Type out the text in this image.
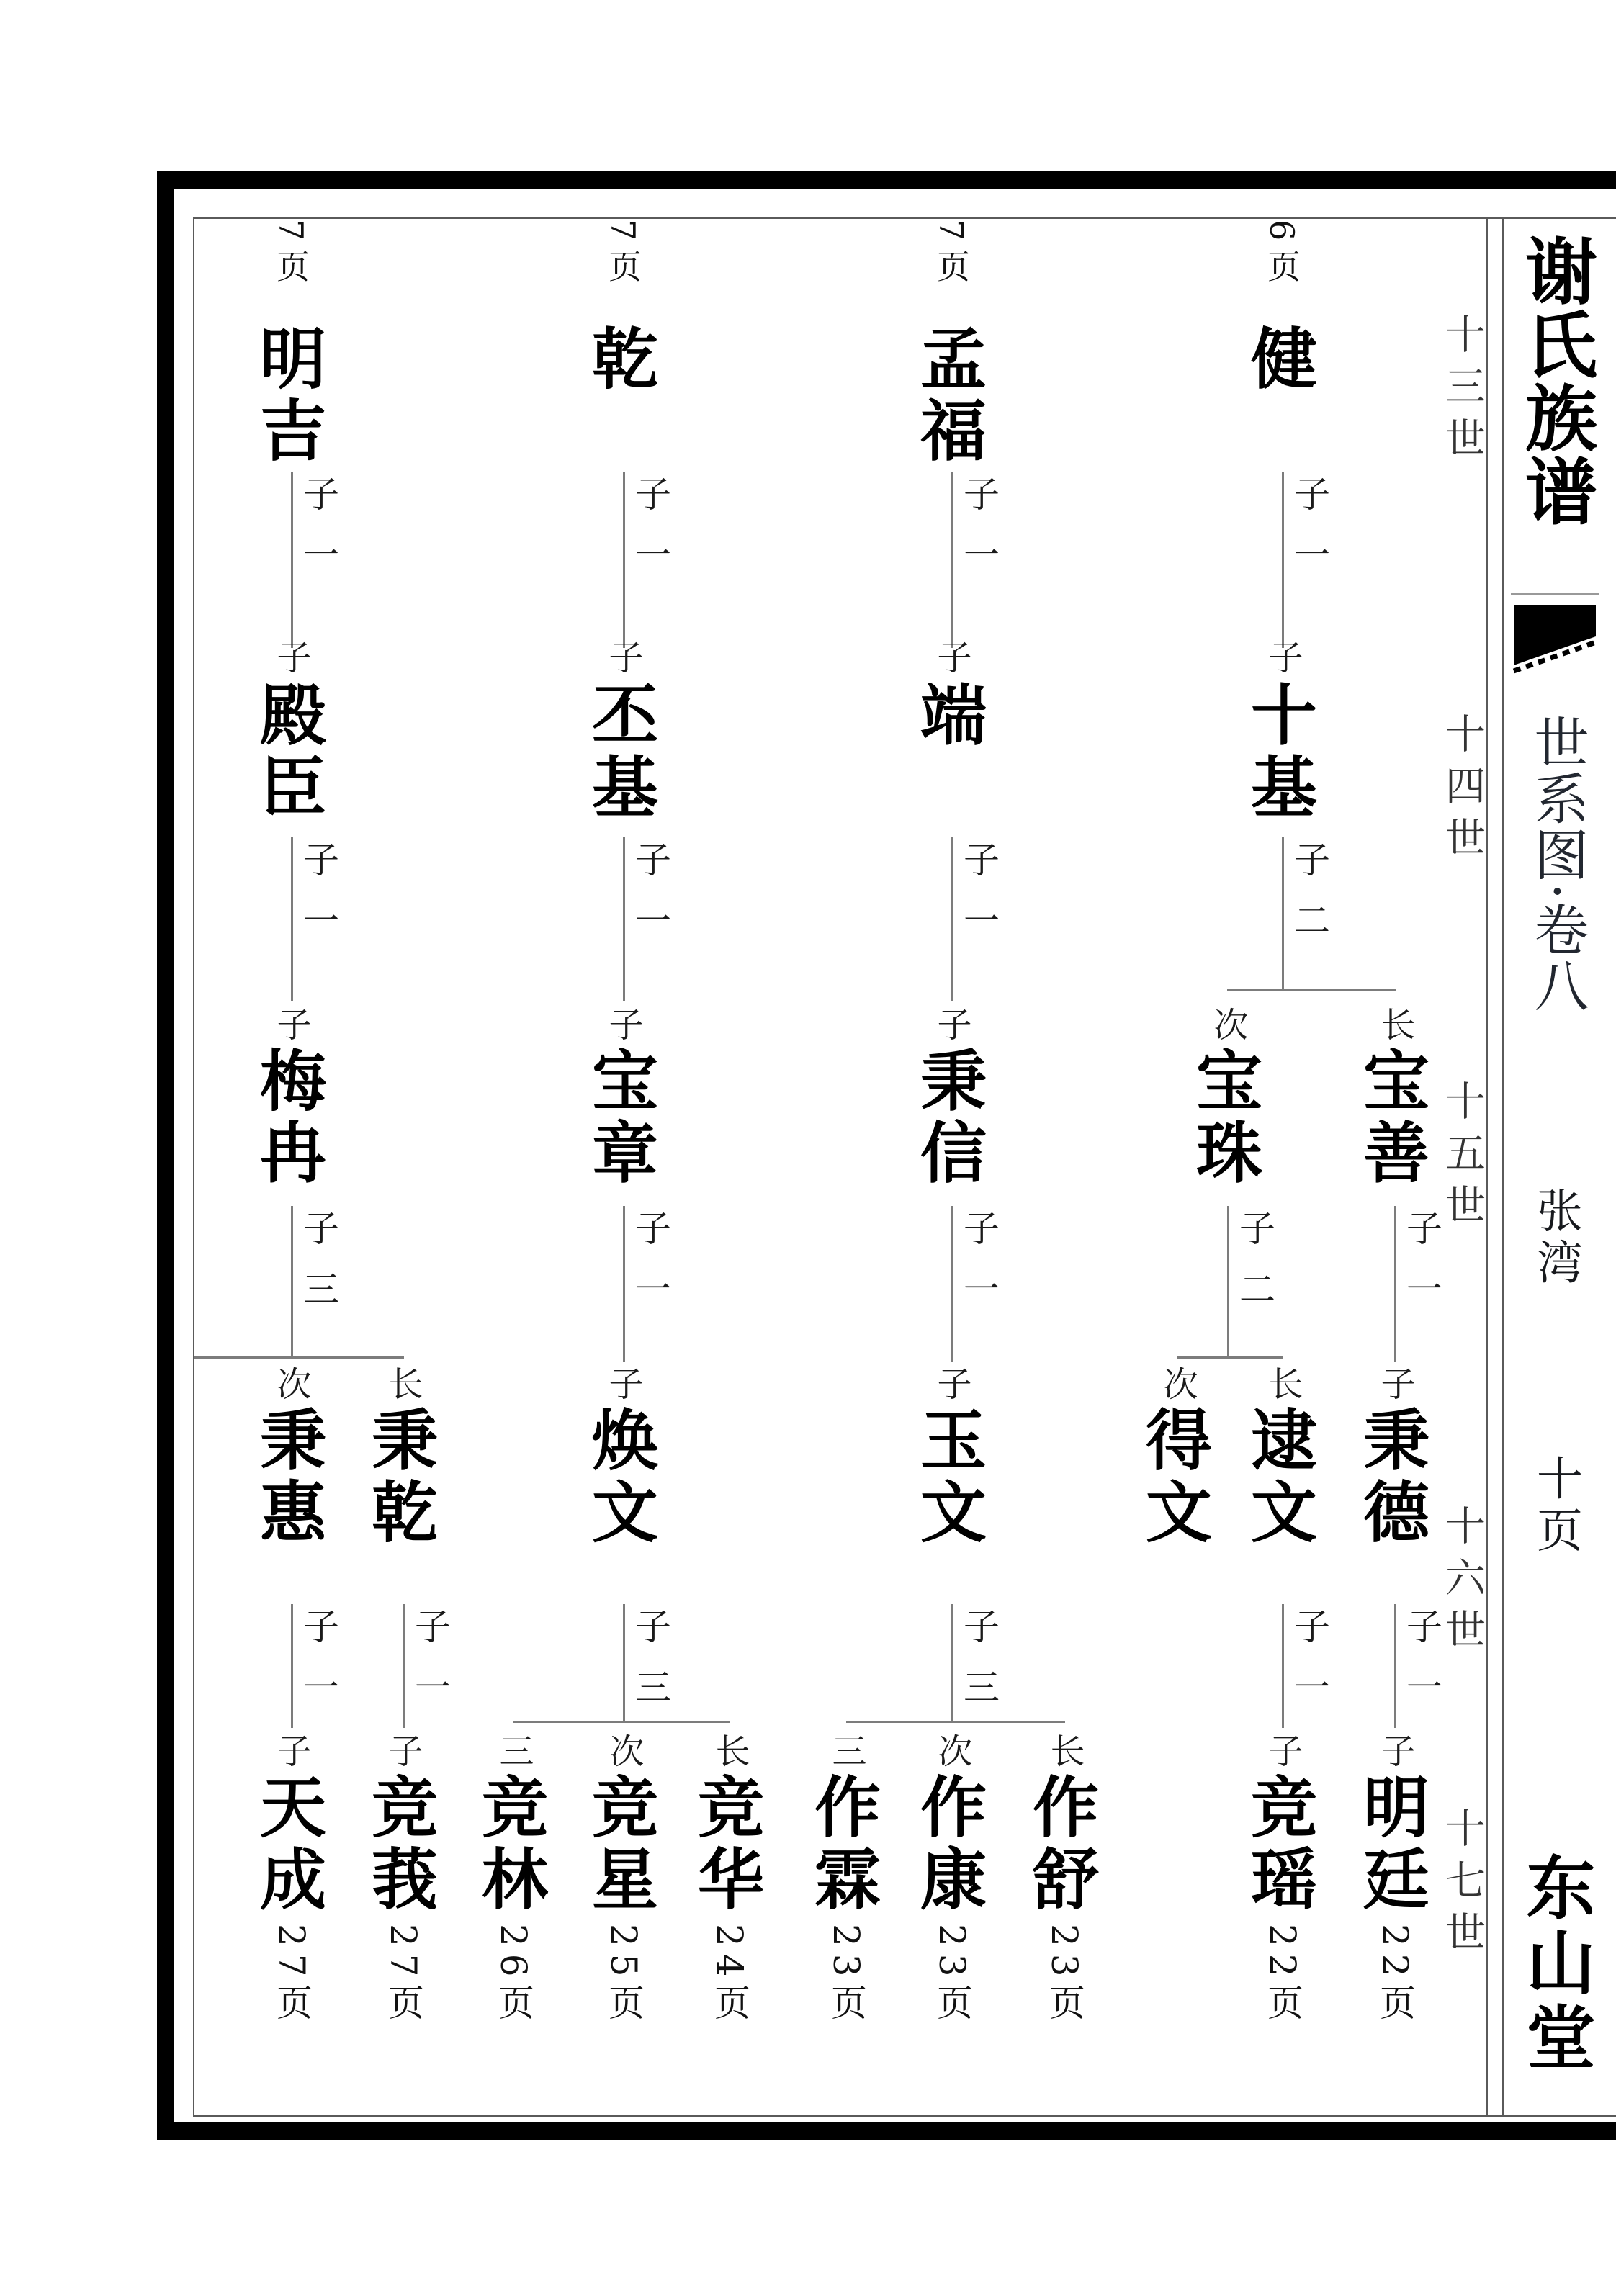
谢氏族谱
世系图·卷八
张湾
十页
东山堂
十三世
十四世
十五世
十六世
十七世
7页
明吉
子一
子
殿臣
子一
子
梅冉
子三
次
秉惠
长
秉乾
子一 子一
子
天成
27页
子
竞莪
27页
7页
乾
子一
子
丕基
子一
子
宝章
子一
子
焕文
子三
三
竞林
26页
次
竞星
25页
长
竞华
24页
7页
孟福
子一
子
端
子一
子
秉信
子一
子
玉文
子三
三
作霖
23页
次
作康
23页
长
作舒
23页
6页
健
子一
子
十基
子二
次
宝珠
长
宝善
子二	子一
次
得文
长
逮文
子
秉德
子一 子一
子
竞瑶
22页
子
明廷
22页
